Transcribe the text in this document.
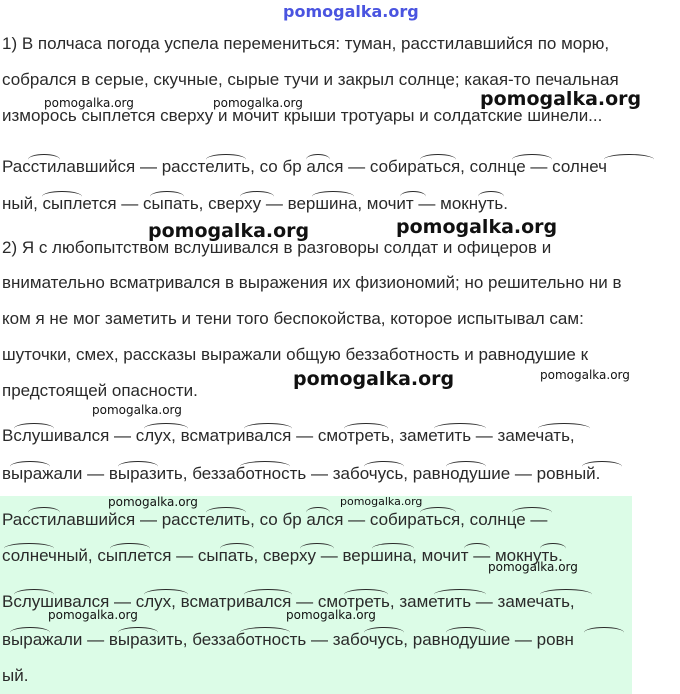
pomogalka.org
1) В полчаса погода успела перемениться: туман, расстилавшийся по морю,
собрался в серые, скучные, сырые тучи и закрыл солнце; какая-то печальная
изморось сыплется сверху и мочит крыши тротуары и солдатские шинели...
Расстилавшийся — расстелить, со бр ался — собираться, солнце — солнеч
ный, сыплется — сыпать, сверху — вершина, мочит — мокнуть.
2) Я с любопытством вслушивался в разговоры солдат и офицеров и
внимательно всматривался в выражения их физиономий; но решительно ни в
ком я не мог заметить и тени того беспокойства, которое испытывал сам:
шуточки, смех, рассказы выражали общую беззаботность и равнодушие к
предстоящей опасности.
Вслушивался — слух, всматривался — смотреть, заметить — замечать,
выражали — выразить, беззаботность — забочусь, равнодушие — ровный.
Расстилавшийся — расстелить, со бр ался — собираться, солнце —
солнечный, сыплется — сыпать, сверху — вершина, мочит — мокнуть.
Вслушивался — слух, всматривался — смотреть, заметить — замечать,
выражали — выразить, беззаботность — забочусь, равнодушие — ровн
ый.
pomogalka.org	pomogalka.org	pomogalka.org
pomogalka.org	pomogalka.org
pomogalka.org	pomogalka.org
pomogalka.org
pomogalka.org	pomogalka.org
pomogalka.org
pomogalka.org	pomogalka.org
